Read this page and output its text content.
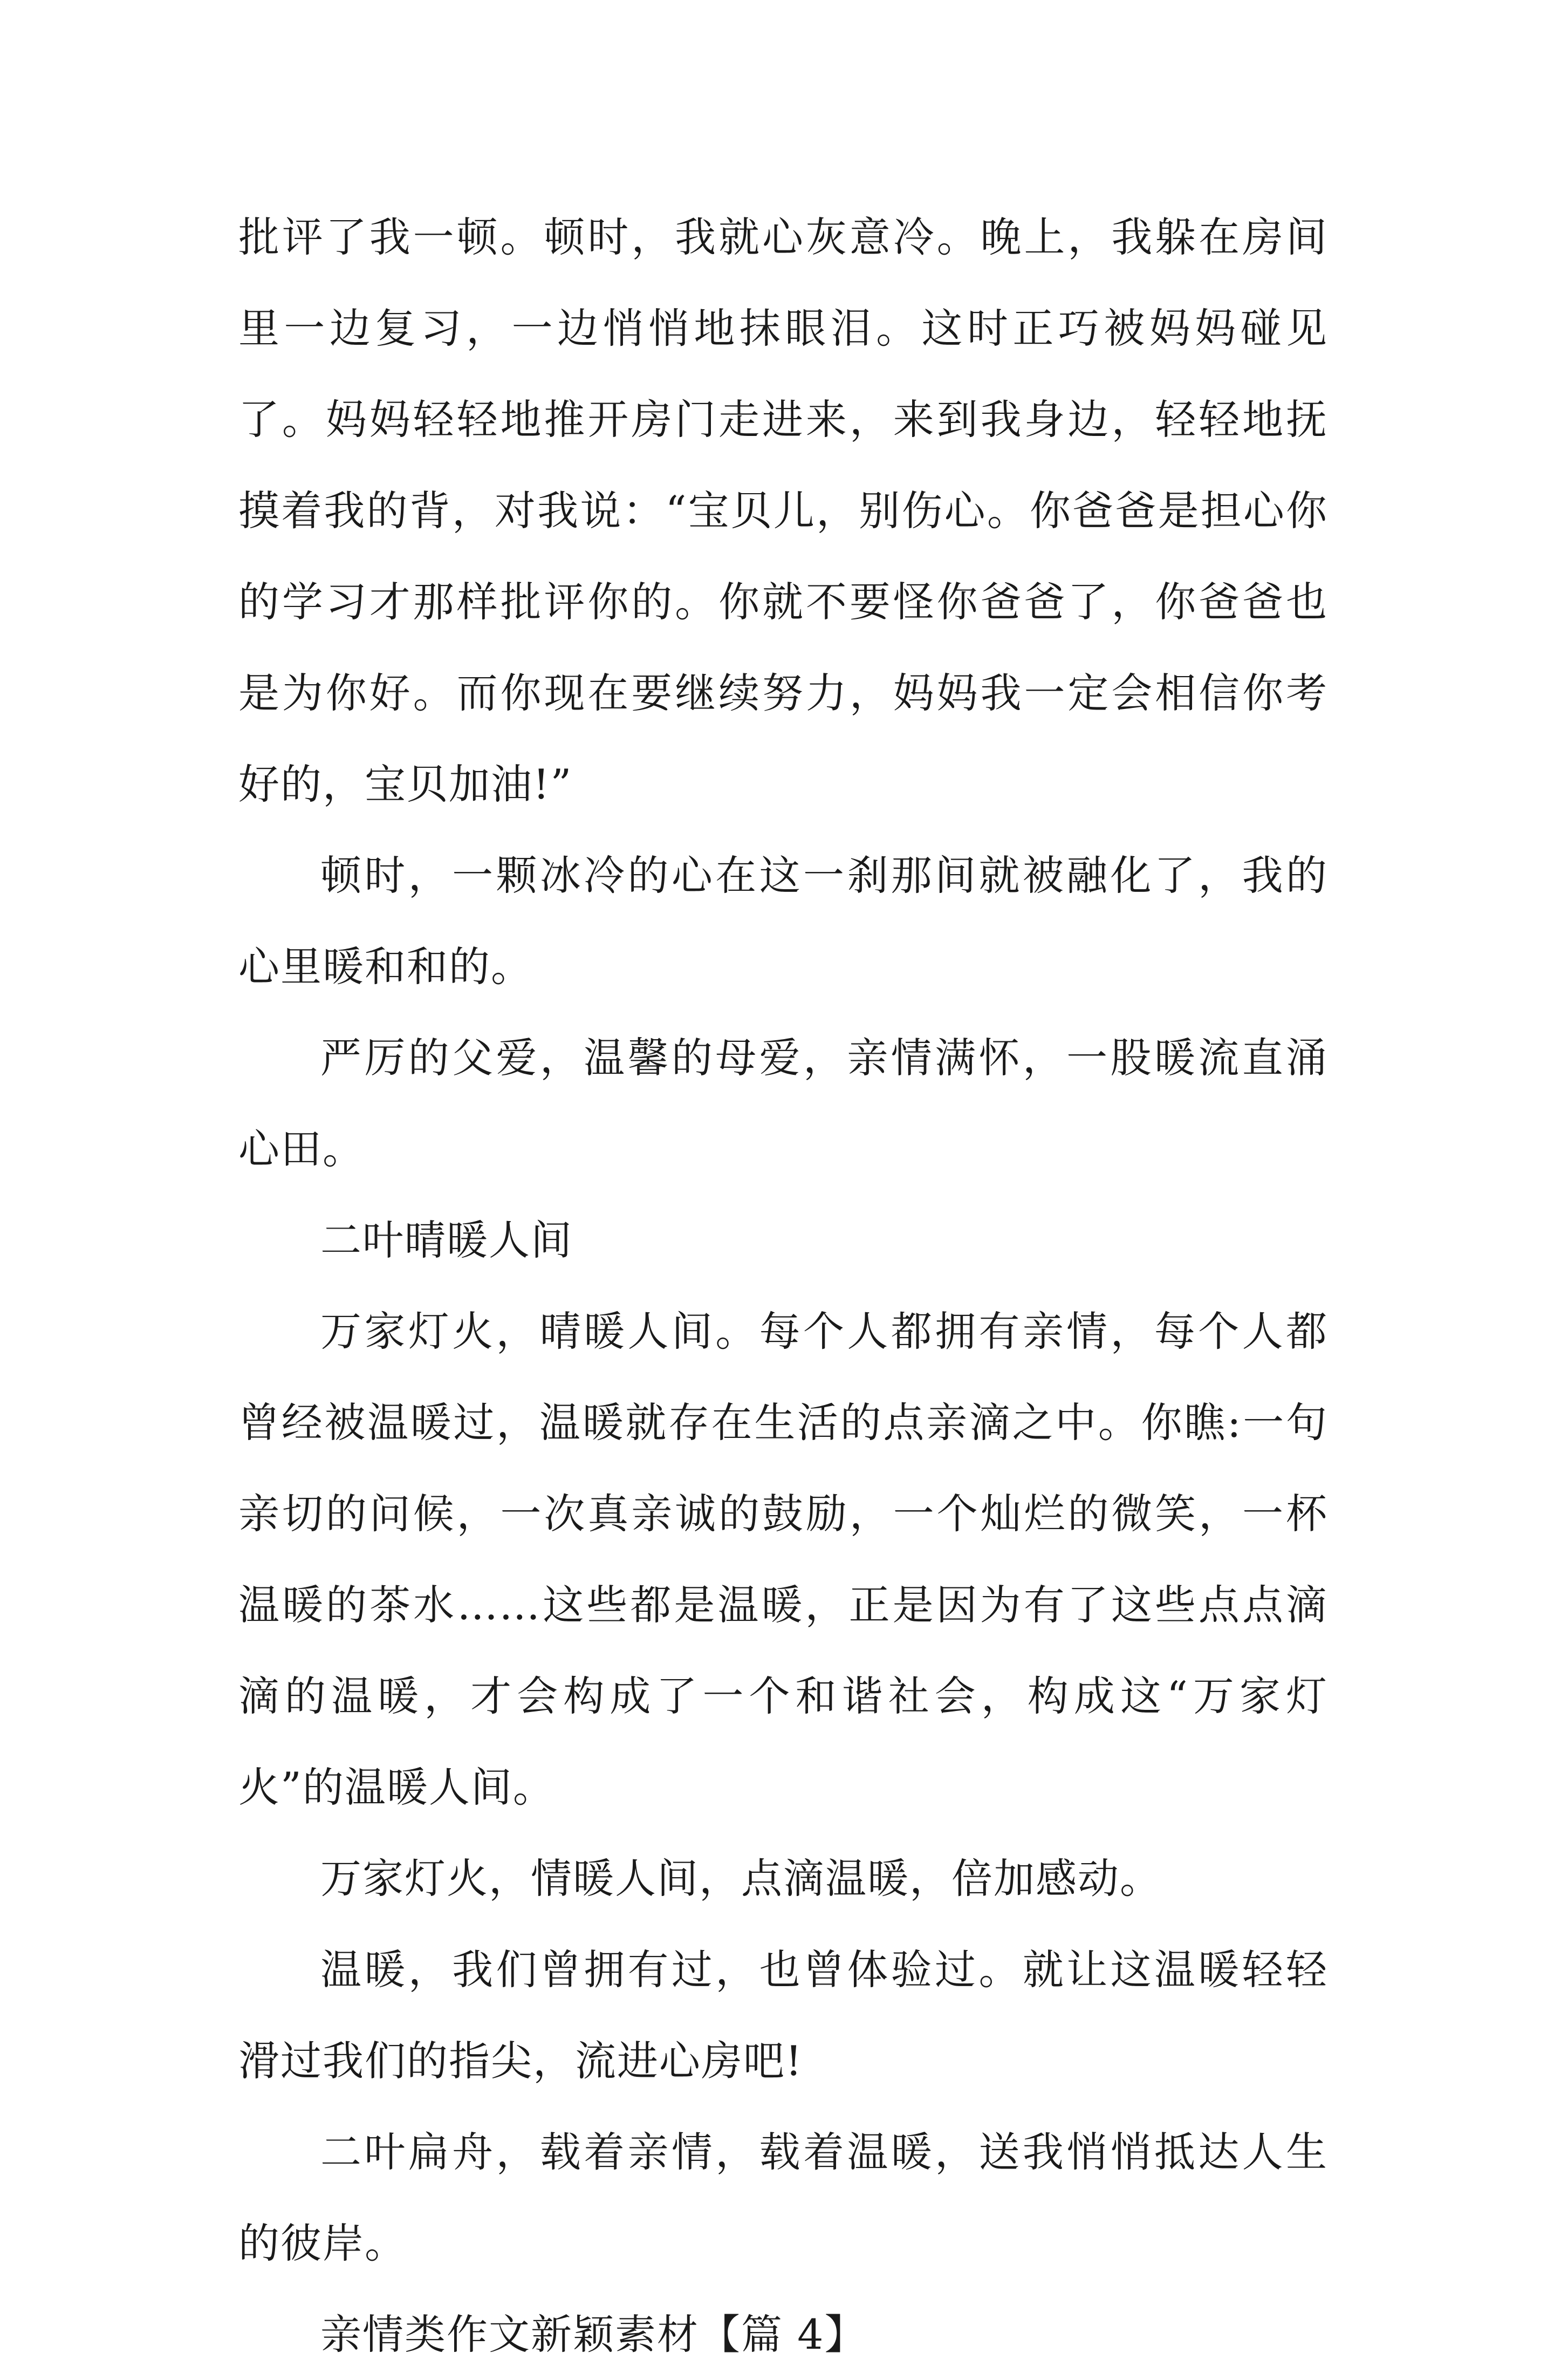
批评了我一顿。顿时，我就心灰意冷。晚上，我躲在房间里一边复习，一边悄悄地抹眼泪。这时正巧被妈妈碰见了。妈妈轻轻地推开房门走进来，来到我身边，轻轻地抚摸着我的背，对我说：“宝贝儿，别伤心。你爸爸是担心你的学习才那样批评你的。你就不要怪你爸爸了，你爸爸也是为你好。而你现在要继续努力，妈妈我一定会相信你考好的，宝贝加油!”

顿时，一颗冰冷的心在这一刹那间就被融化了，我的心里暖和和的。

严厉的父爱，温馨的母爱，亲情满怀，一股暖流直涌心田。

二叶晴暖人间

万家灯火，晴暖人间。每个人都拥有亲情，每个人都曾经被温暖过，温暖就存在生活的点亲滴之中。你瞧:一句亲切的问候，一次真亲诚的鼓励，一个灿烂的微笑，一杯温暖的茶水……这些都是温暖，正是因为有了这些点点滴滴的温暖，才会构成了一个和谐社会，构成这“万家灯火”的温暖人间。

万家灯火，情暖人间，点滴温暖，倍加感动。

温暖，我们曾拥有过，也曾体验过。就让这温暖轻轻滑过我们的指尖，流进心房吧!

二叶扁舟，载着亲情，载着温暖，送我悄悄抵达人生的彼岸。

亲情类作文新颖素材【篇 4】
